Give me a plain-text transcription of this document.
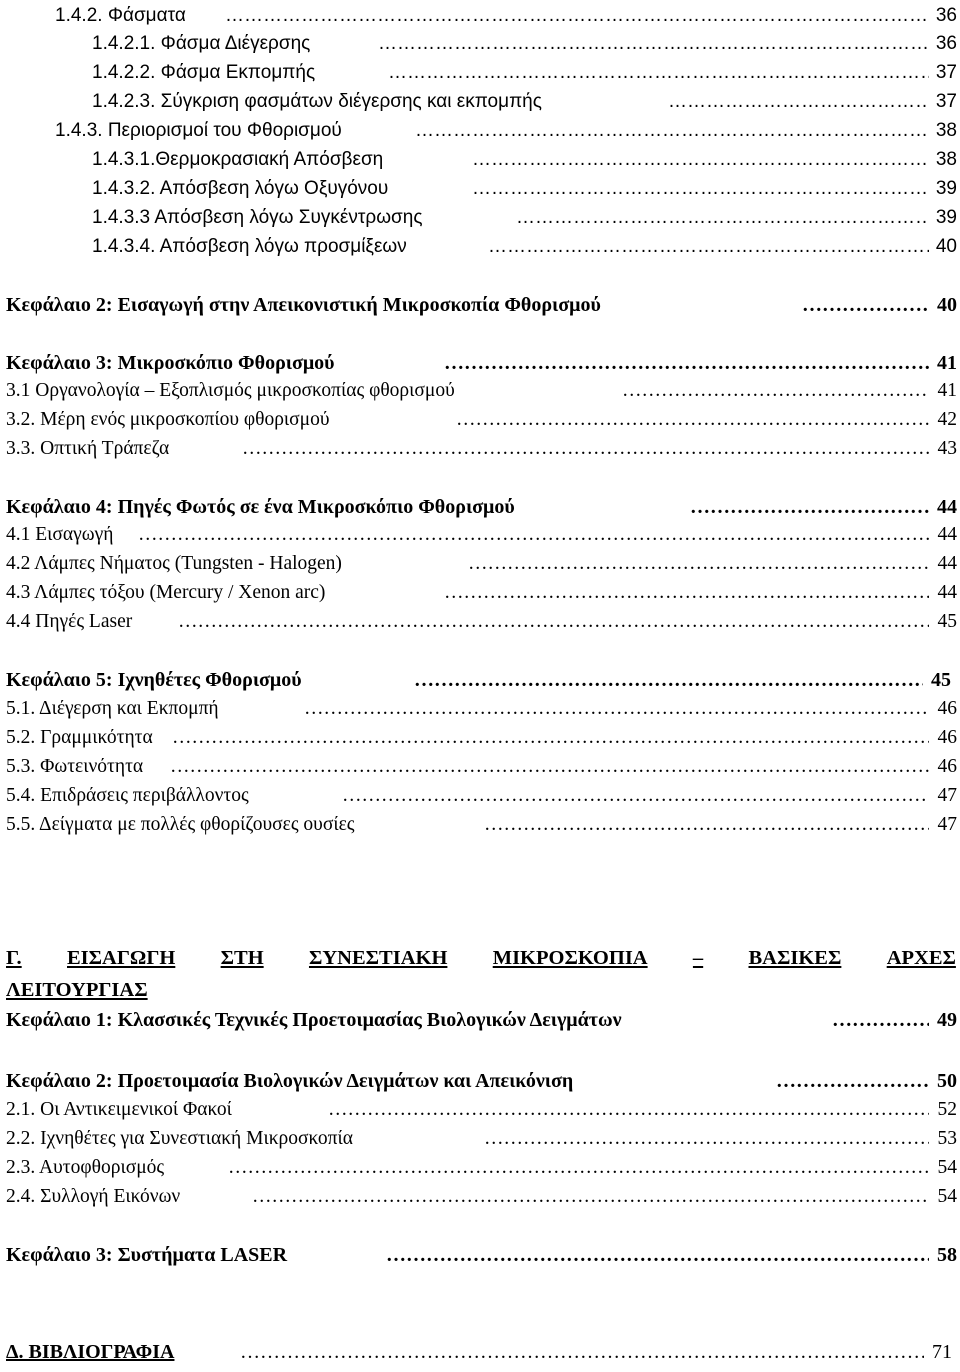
1.4.2. Φάσματα …………………………………………………………………………………………………………………………………………………………………………………………………………	36
1.4.2.1. Φάσμα Διέγερσης …………………………………………………………………………………………………………………………………………………………………………………………………………	36
1.4.2.2. Φάσμα Εκπομπής …………………………………………………………………………………………………………………………………………………………………………………………………………	37
1.4.2.3. Σύγκριση φασμάτων διέγερσης και εκπομπής …………………………………………………………………………………………………………………………………………………………………………………………………………	37
1.4.3. Περιορισμοί του Φθορισμού …………………………………………………………………………………………………………………………………………………………………………………………………………	38
1.4.3.1.Θερμοκρασιακή Απόσβεση …………………………………………………………………………………………………………………………………………………………………………………………………………	38
1.4.3.2. Απόσβεση λόγω Οξυγόνου …………………………………………………………………………………………………………………………………………………………………………………………………………	39
1.4.3.3 Απόσβεση λόγω Συγκέντρωσης …………………………………………………………………………………………………………………………………………………………………………………………………………	39
1.4.3.4. Απόσβεση λόγω προσμίξεων …………………………………………………………………………………………………………………………………………………………………………………………………………	40
Κεφάλαιο 2: Εισαγωγή στην Απεικονιστική Μικροσκοπία Φθορισμού …………………………………………………………………………………………………………………………………………………………………………………………………………	40
Κεφάλαιο 3: Μικροσκόπιο Φθορισμού …………………………………………………………………………………………………………………………………………………………………………………………………………	41
3.1 Οργανολογία – Εξοπλισμός μικροσκοπίας φθορισμού …………………………………………………………………………………………………………………………………………………………………………………………………………	41
3.2. Μέρη ενός μικροσκοπίου φθορισμού …………………………………………………………………………………………………………………………………………………………………………………………………………	42
3.3. Οπτική Τράπεζα …………………………………………………………………………………………………………………………………………………………………………………………………………	43
Κεφάλαιο 4: Πηγές Φωτός σε ένα Μικροσκόπιο Φθορισμού …………………………………………………………………………………………………………………………………………………………………………………………………………	44
4.1 Εισαγωγή …………………………………………………………………………………………………………………………………………………………………………………………………………	44
4.2 Λάμπες Νήματος (Tungsten - Halogen) …………………………………………………………………………………………………………………………………………………………………………………………………………	44
4.3 Λάμπες τόξου (Mercury / Xenon arc) …………………………………………………………………………………………………………………………………………………………………………………………………………	44
4.4 Πηγές Laser …………………………………………………………………………………………………………………………………………………………………………………………………………	45
Κεφάλαιο 5: Ιχνηθέτες Φθορισμού …………………………………………………………………………………………………………………………………………………………………………………………………………	45
5.1. Διέγερση και Εκπομπή …………………………………………………………………………………………………………………………………………………………………………………………………………	46
5.2. Γραμμικότητα …………………………………………………………………………………………………………………………………………………………………………………………………………	46
5.3. Φωτεινότητα …………………………………………………………………………………………………………………………………………………………………………………………………………	46
5.4. Επιδράσεις περιβάλλοντος …………………………………………………………………………………………………………………………………………………………………………………………………………	47
5.5. Δείγματα με πολλές φθορίζουσες ουσίες …………………………………………………………………………………………………………………………………………………………………………………………………………	47
Γ. ΕΙΣΑΓΩΓΗ ΣΤΗ ΣΥΝΕΣΤΙΑΚΗ ΜΙΚΡΟΣΚΟΠΙΑ – ΒΑΣΙΚΕΣ ΑΡΧΕΣ
ΛΕΙΤΟΥΡΓΙΑΣ
Κεφάλαιο 1: Κλασσικές Τεχνικές Προετοιμασίας Βιολογικών Δειγμάτων …………………………………………………………………………………………………………………………………………………………………………………………………………	49
Κεφάλαιο 2: Προετοιμασία Βιολογικών Δειγμάτων και Απεικόνιση …………………………………………………………………………………………………………………………………………………………………………………………………………	50
2.1. Οι Αντικειμενικοί Φακοί …………………………………………………………………………………………………………………………………………………………………………………………………………	52
2.2. Ιχνηθέτες για Συνεστιακή Μικροσκοπία …………………………………………………………………………………………………………………………………………………………………………………………………………	53
2.3. Αυτοφθορισμός …………………………………………………………………………………………………………………………………………………………………………………………………………	54
2.4. Συλλογή Εικόνων …………………………………………………………………………………………………………………………………………………………………………………………………………	54
Κεφάλαιο 3: Συστήματα LASER …………………………………………………………………………………………………………………………………………………………………………………………………………	58
Δ. ΒΙΒΛΙΟΓΡΑΦΙΑ …………………………………………………………………………………………………………………………………………………………………………………………………………	71
